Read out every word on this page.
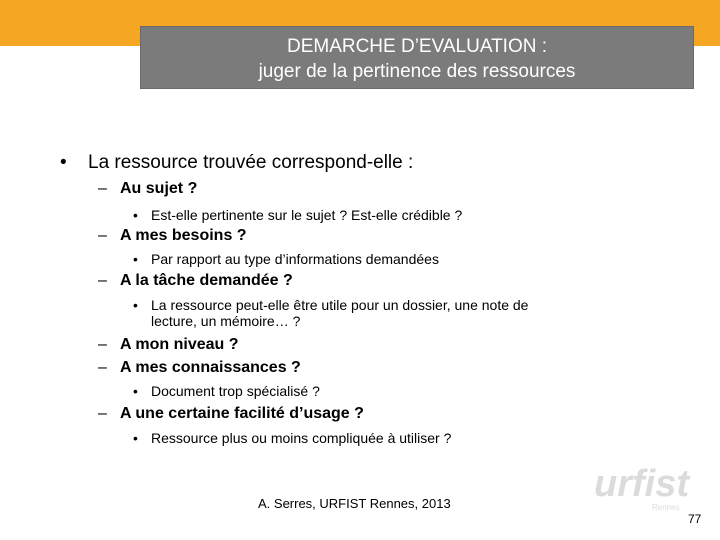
DEMARCHE D’EVALUATION :
juger de la pertinence des ressources
• La ressource trouvée correspond-elle :
– Au sujet ?
• Est-elle pertinente sur le sujet ? Est-elle crédible ?
– A mes besoins ?
• Par rapport au type d’informations demandées
– A la tâche demandée ?
• La ressource peut-elle être utile pour un dossier, une note de
lecture, un mémoire… ?
– A mon niveau ?
– A mes connaissances ?
• Document trop spécialisé ?
– A une certaine facilité d’usage ?
• Ressource plus ou moins compliquée à utiliser ?
urfist
Rennes
A. Serres, URFIST Rennes, 2013
77
